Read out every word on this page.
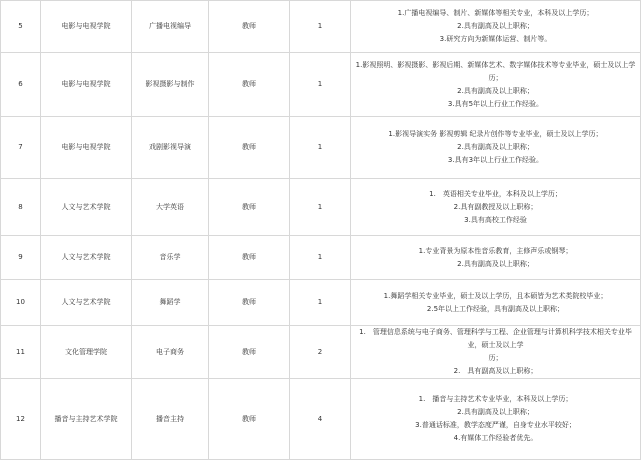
5	电影与电视学院	广播电视编导	教师	1	1.广播电视编导、制片、新媒体等相关专业，本科及以上学历；
2.具有副高及以上职称；
3.研究方向为新媒体运营、制片等。

6	电影与电视学院	影视摄影与制作	教师	1	1.影视照明、影视摄影、影视后期、新媒体艺术、数字媒体技术等专业毕业，硕士及以上学历；
2.具有副高及以上职称；
3.具有5年以上行业工作经验。

7	电影与电视学院	戏剧影视导演	教师	1	1.影视导演实务 影视剪辑 纪录片创作等专业毕业，硕士及以上学历；
2.具有副高及以上职称；
3.具有3年以上行业工作经验。

8	人文与艺术学院	大学英语	教师	1	1.　英语相关专业毕业，本科及以上学历；
2.具有副教授及以上职称；
3.具有高校工作经验

9	人文与艺术学院	音乐学	教师	1	1.专业背景为原本性音乐教育，主修声乐或钢琴；
2.具有副高及以上职称；

10	人文与艺术学院	舞蹈学	教师	1	1.舞蹈学相关专业毕业，硕士及以上学历，且本硕皆为艺术类院校毕业；
2.5年以上工作经验，具有副高及以上职称；

11	文化管理学院	电子商务	教师	2	1.　管理信息系统与电子商务、管理科学与工程、企业管理与计算机科学技术相关专业毕业，硕士及以上学
历；
2.　具有副高及以上职称；

12	播音与主持艺术学院	播音主持	教师	4	1.　播音与主持艺术专业毕业，本科及以上学历；
2.具有副高及以上职称；
3.普通话标准，教学态度严谨，自身专业水平较好；
4.有媒体工作经验者优先。
